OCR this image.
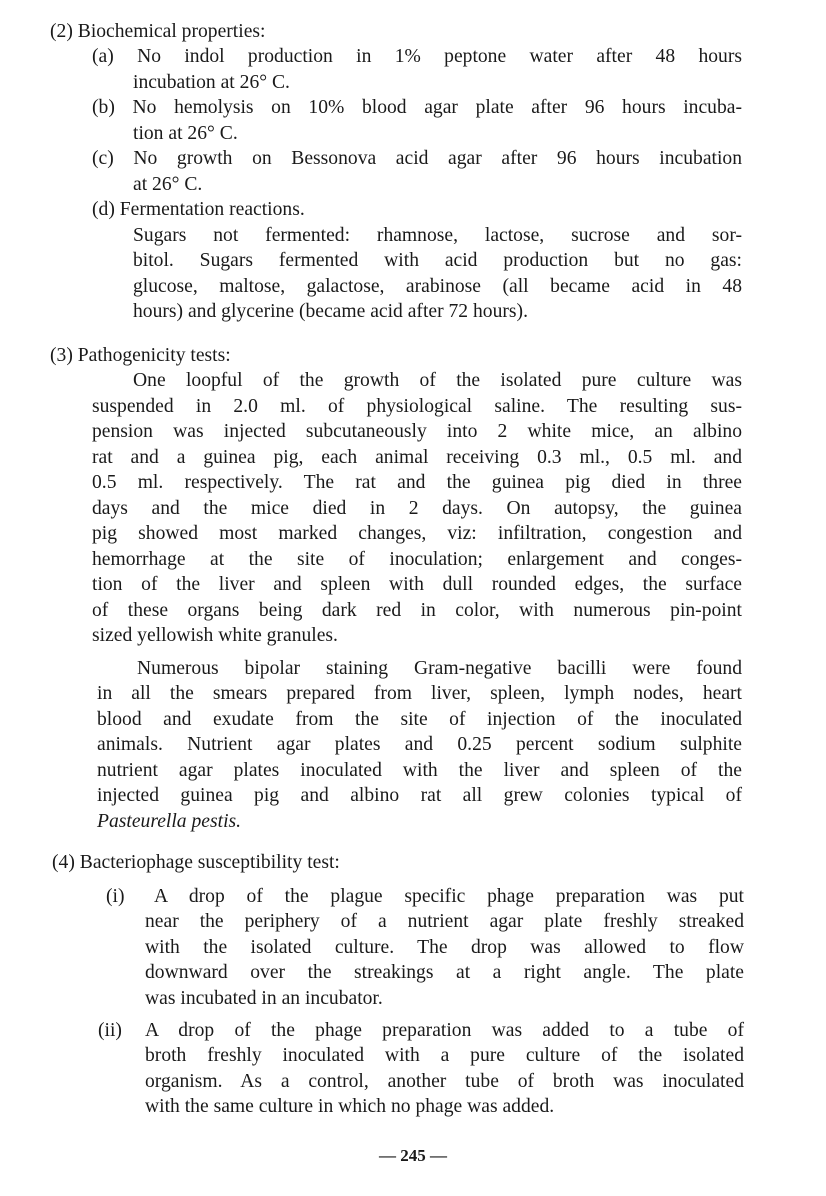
(2) Biochemical properties:
(a) No indol production in 1% peptone water after 48 hours
incubation at 26° C.
(b) No hemolysis on 10% blood agar plate after 96 hours incuba-
tion at 26° C.
(c) No growth on Bessonova acid agar after 96 hours incubation
at 26° C.
(d) Fermentation reactions.
Sugars not fermented: rhamnose, lactose, sucrose and sor-
bitol. Sugars fermented with acid production but no gas:
glucose, maltose, galactose, arabinose (all became acid in 48
hours) and glycerine (became acid after 72 hours).
(3) Pathogenicity tests:
One loopful of the growth of the isolated pure culture was
suspended in 2.0 ml. of physiological saline. The resulting sus-
pension was injected subcutaneously into 2 white mice, an albino
rat and a guinea pig, each animal receiving 0.3 ml., 0.5 ml. and
0.5 ml. respectively. The rat and the guinea pig died in three
days and the mice died in 2 days. On autopsy, the guinea
pig showed most marked changes, viz: infiltration, congestion and
hemorrhage at the site of inoculation; enlargement and conges-
tion of the liver and spleen with dull rounded edges, the surface
of these organs being dark red in color, with numerous pin-point
sized yellowish white granules.
Numerous bipolar staining Gram-negative bacilli were found
in all the smears prepared from liver, spleen, lymph nodes, heart
blood and exudate from the site of injection of the inoculated
animals. Nutrient agar plates and 0.25 percent sodium sulphite
nutrient agar plates inoculated with the liver and spleen of the
injected guinea pig and albino rat all grew colonies typical of
Pasteurella pestis.
(4) Bacteriophage susceptibility test:
(i) A drop of the plague specific phage preparation was put
near the periphery of a nutrient agar plate freshly streaked
with the isolated culture. The drop was allowed to flow
downward over the streakings at a right angle. The plate
was incubated in an incubator.
(ii) A drop of the phage preparation was added to a tube of
broth freshly inoculated with a pure culture of the isolated
organism. As a control, another tube of broth was inoculated
with the same culture in which no phage was added.
— 245 —
